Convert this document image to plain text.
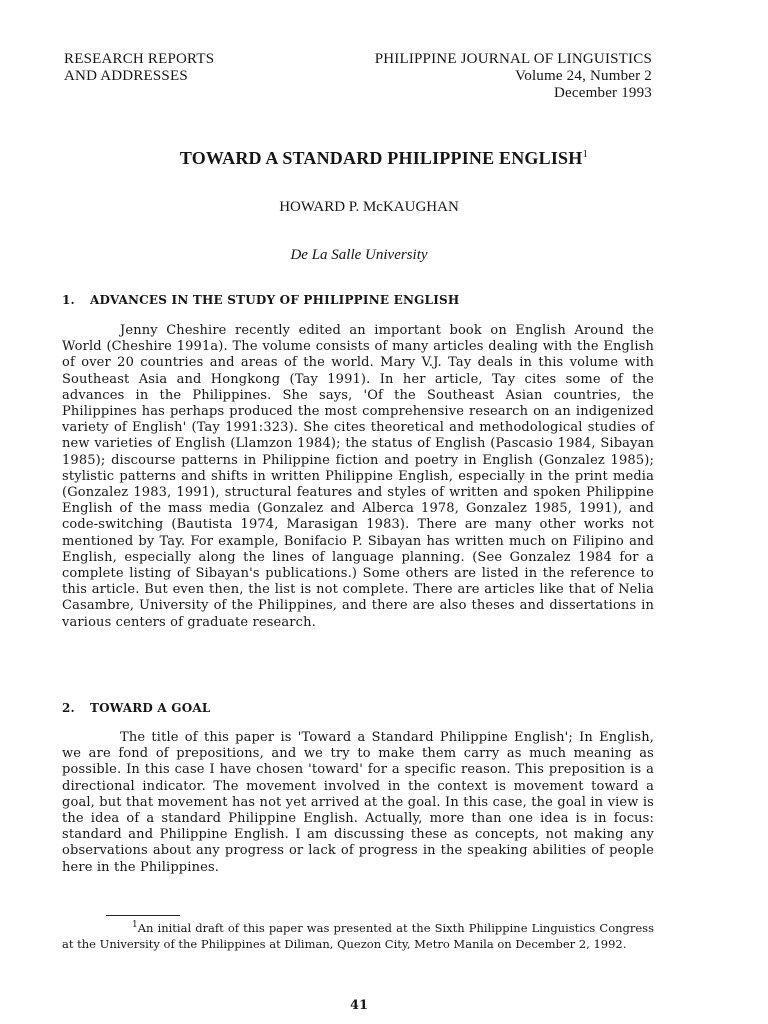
RESEARCH REPORTS
AND ADDRESSES
PHILIPPINE JOURNAL OF LINGUISTICS
Volume 24, Number 2
December 1993
TOWARD A STANDARD PHILIPPINE ENGLISH$^1$
HOWARD P. McKAUGHAN
De La Salle University
1. ADVANCES IN THE STUDY OF PHILIPPINE ENGLISH
Jenny Cheshire recently edited an important book on English Around the World (Cheshire 1991a). The volume consists of many articles dealing with the English of over 20 countries and areas of the world. Mary V.J. Tay deals in this volume with Southeast Asia and Hongkong (Tay 1991). In her article, Tay cites some of the advances in the Philippines. She says, 'Of the Southeast Asian countries, the Philippines has perhaps produced the most comprehensive research on an indigenized variety of English' (Tay 1991:323). She cites theoretical and methodological studies of new varieties of English (Llamzon 1984); the status of English (Pascasio 1984, Sibayan 1985); discourse patterns in Philippine fiction and poetry in English (Gonzalez 1985); stylistic patterns and shifts in written Philippine English, especially in the print media (Gonzalez 1983, 1991), structural features and styles of written and spoken Philippine English of the mass media (Gonzalez and Alberca 1978, Gonzalez 1985, 1991), and code-switching (Bautista 1974, Marasigan 1983). There are many other works not mentioned by Tay. For example, Bonifacio P. Sibayan has written much on Filipino and English, especially along the lines of language planning. (See Gonzalez 1984 for a complete listing of Sibayan's publications.) Some others are listed in the reference to this article. But even then, the list is not complete. There are articles like that of Nelia Casambre, University of the Philippines, and there are also theses and dissertations in various centers of graduate research.
2. TOWARD A GOAL
The title of this paper is 'Toward a Standard Philippine English'; In English, we are fond of prepositions, and we try to make them carry as much meaning as possible. In this case I have chosen 'toward' for a specific reason. This preposition is a directional indicator. The movement involved in the context is movement toward a goal, but that movement has not yet arrived at the goal. In this case, the goal in view is the idea of a standard Philippine English. Actually, more than one idea is in focus: standard and Philippine English. I am discussing these as concepts, not making any observations about any progress or lack of progress in the speaking abilities of people here in the Philippines.
$^1$An initial draft of this paper was presented at the Sixth Philippine Linguistics Congress at the University of the Philippines at Diliman, Quezon City, Metro Manila on December 2, 1992.
41
